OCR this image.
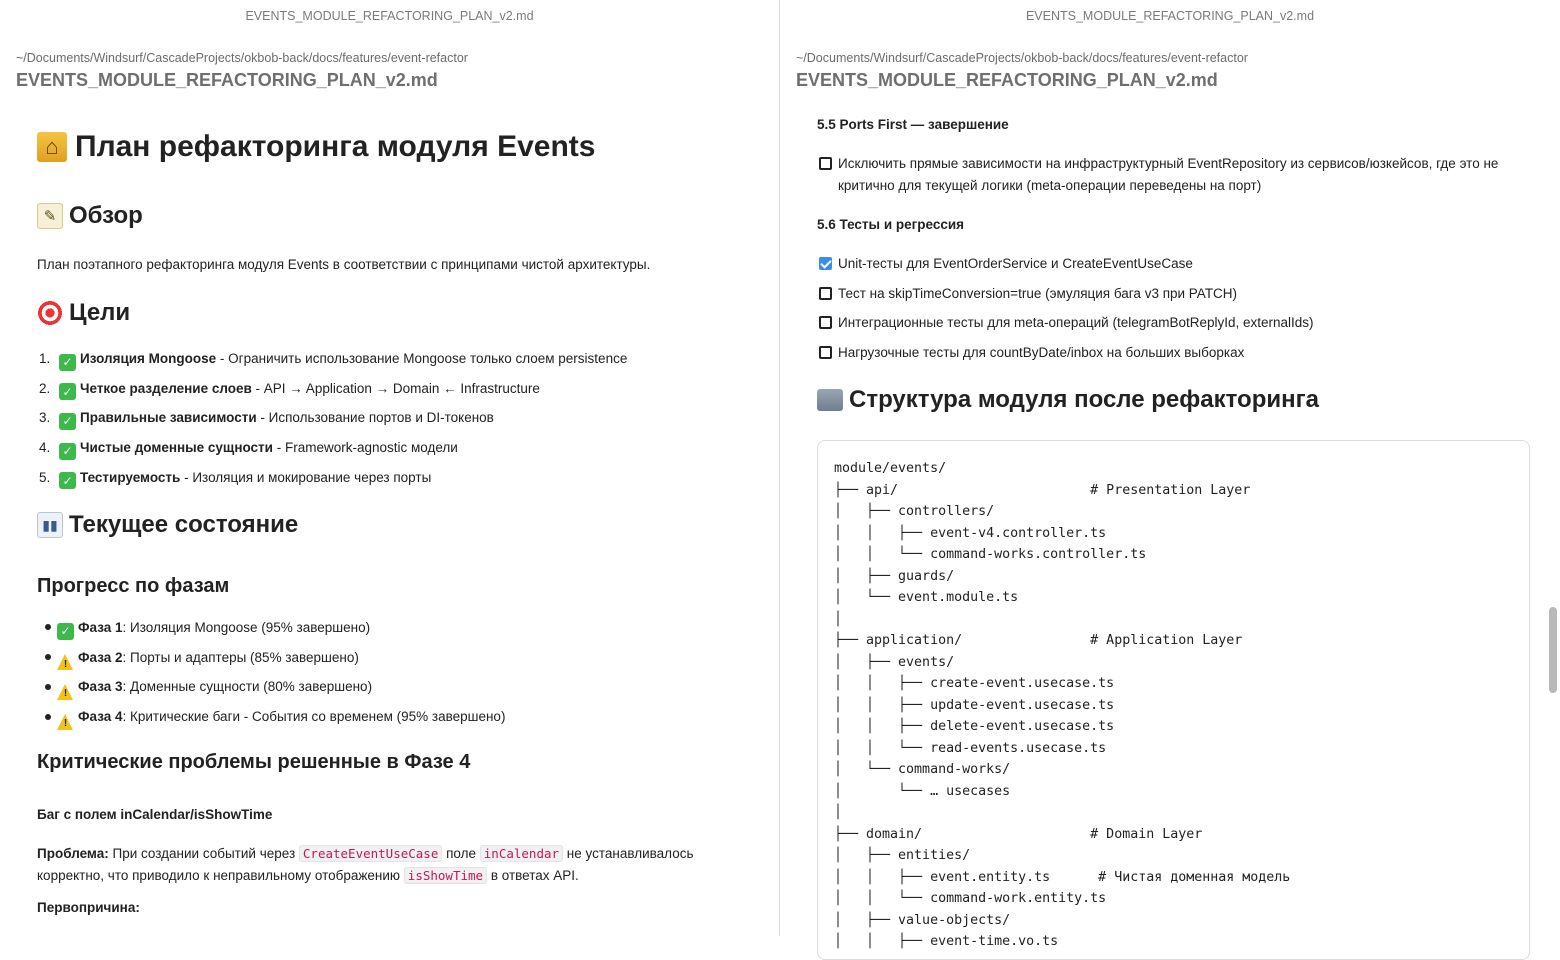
EVENTS_MODULE_REFACTORING_PLAN_v2.md
~/Documents/Windsurf/CascadeProjects/okbob-back/docs/features/event-refactor
EVENTS_MODULE_REFACTORING_PLAN_v2.md
⌂ План рефакторинга модуля Events
✎ Обзор
План поэтапного рефакторинга модуля Events в соответствии с принципами чистой архитектуры.
Цели
1. ✓ Изоляция Mongoose - Ограничить использование Mongoose только слоем persistence
2. ✓ Четкое разделение слоев - API → Application → Domain ← Infrastructure
3. ✓ Правильные зависимости - Использование портов и DI-токенов
4. ✓ Чистые доменные сущности - Framework-agnostic модели
5. ✓ Тестируемость - Изоляция и мокирование через порты
▮▮ Текущее состояние
Прогресс по фазам
✓ Фаза 1: Изоляция Mongoose (95% завершено)
! Фаза 2: Порты и адаптеры (85% завершено)
! Фаза 3: Доменные сущности (80% завершено)
! Фаза 4: Критические баги - События со временем (95% завершено)
Критические проблемы решенные в Фазе 4
Баг с полем inCalendar/isShowTime
Проблема: При создании событий через CreateEventUseCase поле inCalendar не устанавливалось
корректно, что приводило к неправильному отображению isShowTime в ответах API.
Первопричина:
EVENTS_MODULE_REFACTORING_PLAN_v2.md
~/Documents/Windsurf/CascadeProjects/okbob-back/docs/features/event-refactor
EVENTS_MODULE_REFACTORING_PLAN_v2.md
5.5 Ports First — завершение
Исключить прямые зависимости на инфраструктурный EventRepository из сервисов/юзкейсов, где это не
критично для текущей логики (meta-операции переведены на порт)
5.6 Тесты и регрессия
Unit-тесты для EventOrderService и CreateEventUseCase
Тест на skipTimeConversion=true (эмуляция бага v3 при PATCH)
Интеграционные тесты для meta-операций (telegramBotReplyId, externalIds)
Нагрузочные тесты для countByDate/inbox на больших выборках
Структура модуля после рефакторинга
module/events/
├── api/                        # Presentation Layer
│   ├── controllers/
│   │   ├── event-v4.controller.ts
│   │   └── command-works.controller.ts
│   ├── guards/
│   └── event.module.ts
│
├── application/                # Application Layer
│   ├── events/
│   │   ├── create-event.usecase.ts
│   │   ├── update-event.usecase.ts
│   │   ├── delete-event.usecase.ts
│   │   └── read-events.usecase.ts
│   └── command-works/
│       └── … usecases
│
├── domain/                     # Domain Layer
│   ├── entities/
│   │   ├── event.entity.ts      # Чистая доменная модель
│   │   └── command-work.entity.ts
│   ├── value-objects/
│   │   ├── event-time.vo.ts
